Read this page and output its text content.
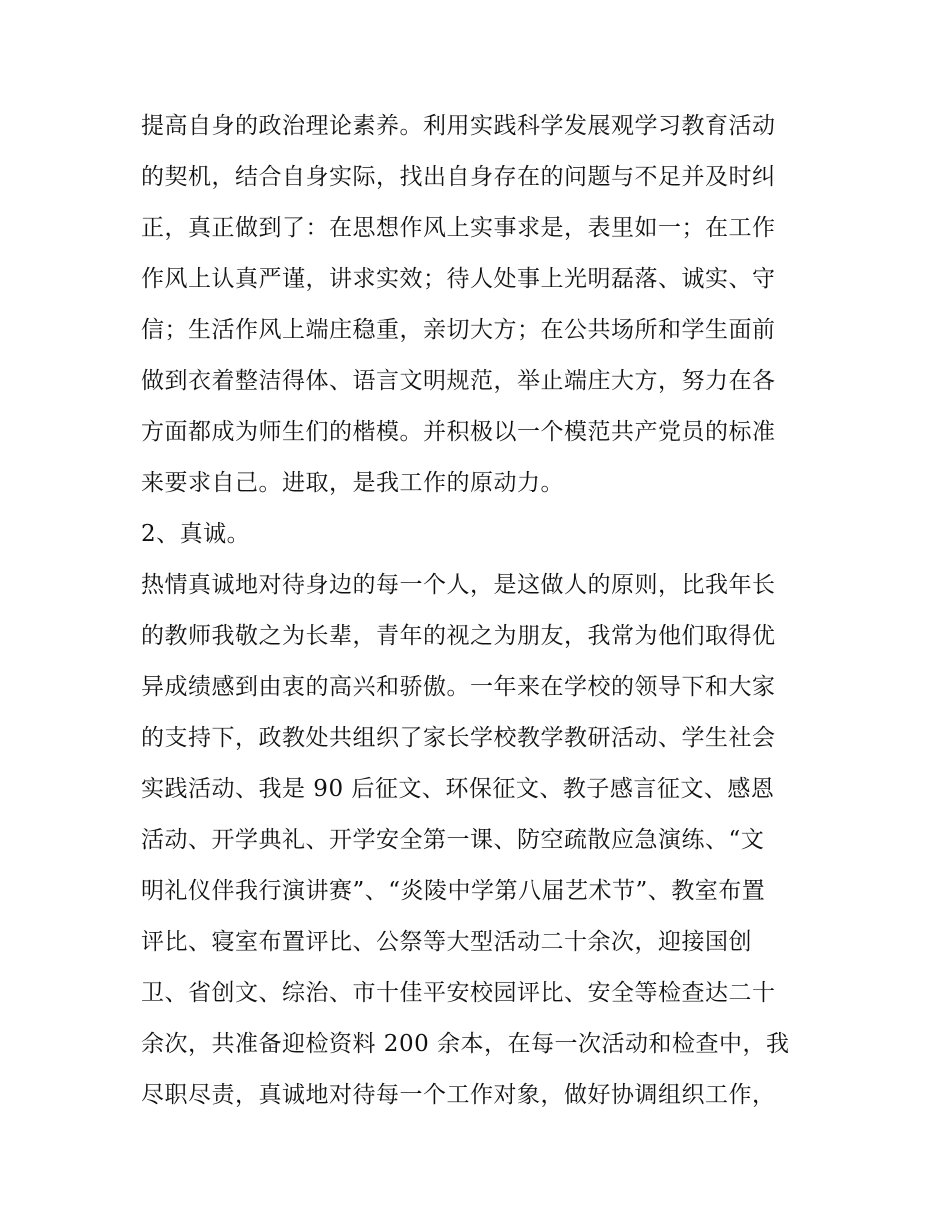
提高自身的政治理论素养。利用实践科学发展观学习教育活动
的契机，结合自身实际，找出自身存在的问题与不足并及时纠
正，真正做到了：在思想作风上实事求是，表里如一；在工作
作风上认真严谨，讲求实效；待人处事上光明磊落、诚实、守
信；生活作风上端庄稳重，亲切大方；在公共场所和学生面前
做到衣着整洁得体、语言文明规范，举止端庄大方，努力在各
方面都成为师生们的楷模。并积极以一个模范共产党员的标准
来要求自己。进取，是我工作的原动力。
2、真诚。
热情真诚地对待身边的每一个人，是这做人的原则，比我年长
的教师我敬之为长辈，青年的视之为朋友，我常为他们取得优
异成绩感到由衷的高兴和骄傲。一年来在学校的领导下和大家
的支持下，政教处共组织了家长学校教学教研活动、学生社会
实践活动、我是 90 后征文、环保征文、教子感言征文、感恩
活动、开学典礼、开学安全第一课、防空疏散应急演练、“文
明礼仪伴我行演讲赛”、“炎陵中学第八届艺术节”、教室布置
评比、寝室布置评比、公祭等大型活动二十余次，迎接国创
卫、省创文、综治、市十佳平安校园评比、安全等检查达二十
余次，共准备迎检资料 200 余本，在每一次活动和检查中，我
尽职尽责，真诚地对待每一个工作对象，做好协调组织工作，
